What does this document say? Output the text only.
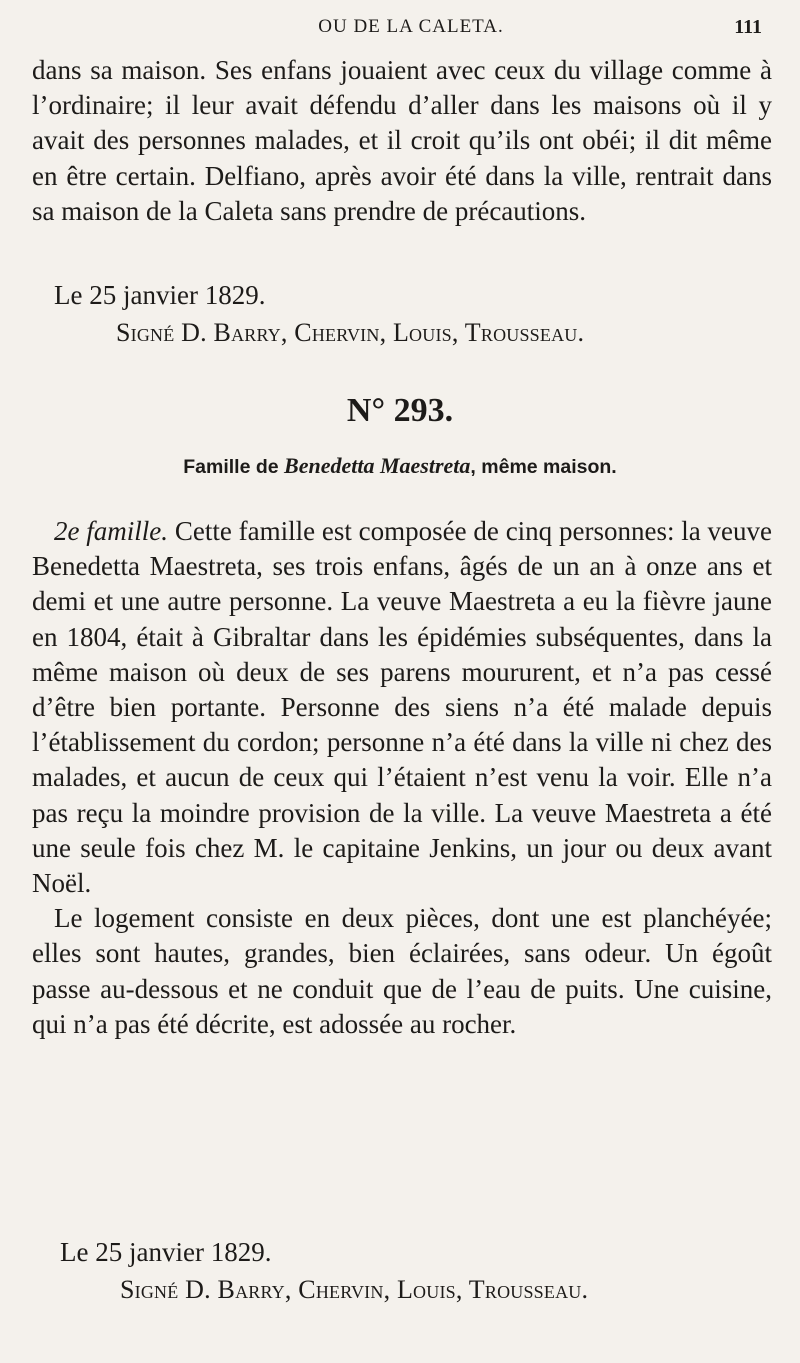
OU DE LA CALETA.	111

dans sa maison. Ses enfans jouaient avec ceux du village comme à l’ordinaire; il leur avait défendu d’aller dans les maisons où il y avait des personnes malades, et il croit qu’ils ont obéi; il dit même en être certain. Delfiano, après avoir été dans la ville, rentrait dans sa maison de la Caleta sans prendre de précautions.

Le 25 janvier 1829.
Signé D. Barry, Chervin, Louis, Trousseau.
N° 293.
Famille de Benedetta Maestreta, même maison.

2e famille. Cette famille est composée de cinq personnes: la veuve Benedetta Maestreta, ses trois enfans, âgés de un an à onze ans et demi et une autre personne. La veuve Maestreta a eu la fièvre jaune en 1804, était à Gibraltar dans les épidémies subséquentes, dans la même maison où deux de ses parens moururent, et n’a pas cessé d’être bien portante. Personne des siens n’a été malade depuis l’établissement du cordon; personne n’a été dans la ville ni chez des malades, et aucun de ceux qui l’étaient n’est venu la voir. Elle n’a pas reçu la moindre provision de la ville. La veuve Maestreta a été une seule fois chez M. le capitaine Jenkins, un jour ou deux avant Noël.

Le logement consiste en deux pièces, dont une est planchéyée; elles sont hautes, grandes, bien éclairées, sans odeur. Un égoût passe au-dessous et ne conduit que de l’eau de puits. Une cuisine, qui n’a pas été décrite, est adossée au rocher.

Le 25 janvier 1829.
Signé D. Barry, Chervin, Louis, Trousseau.
